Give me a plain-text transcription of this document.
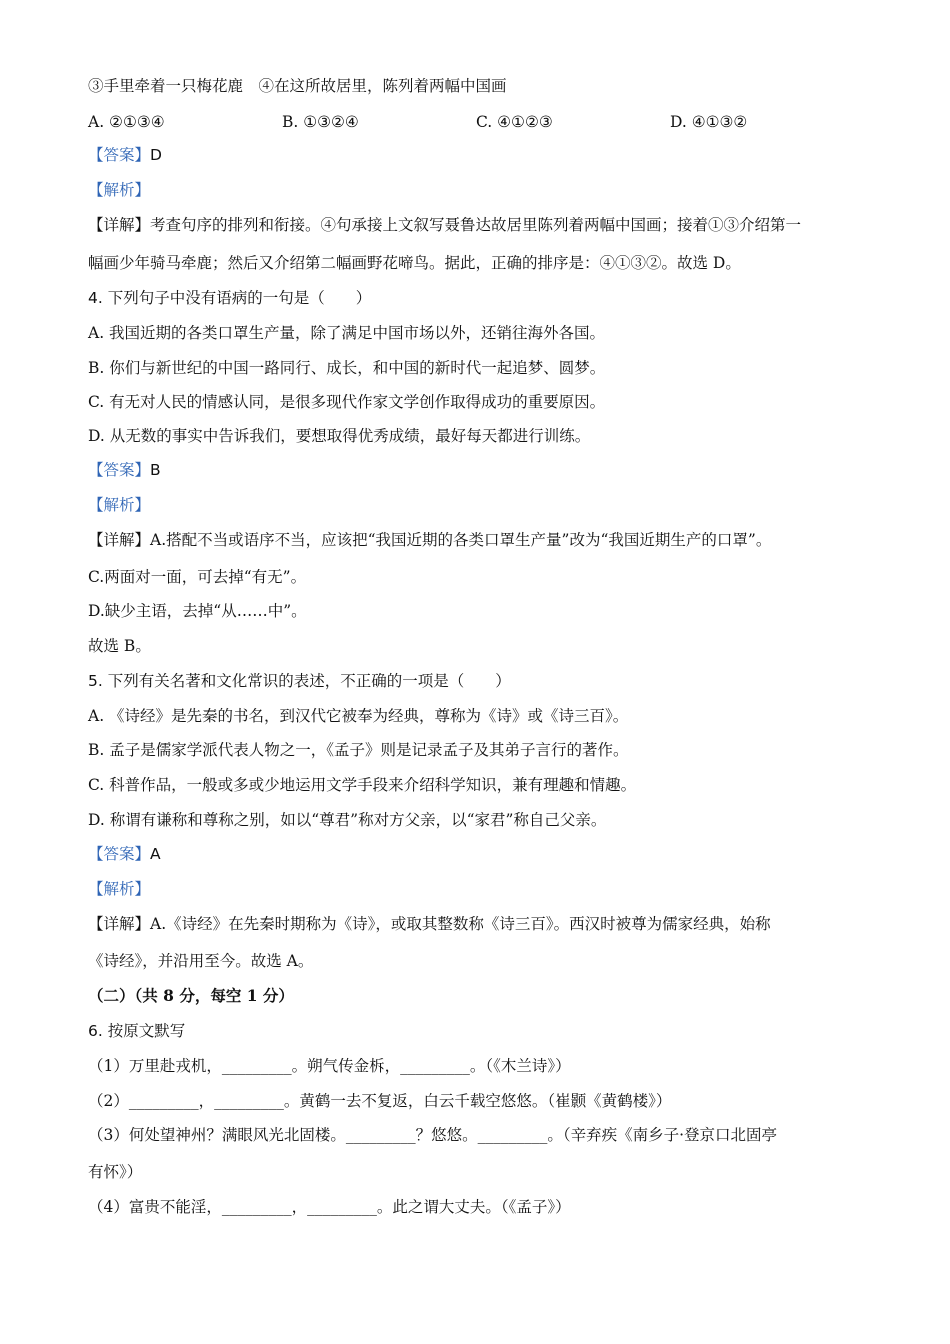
③手里牵着一只梅花鹿　④在这所故居里，陈列着两幅中国画
A. ②①③④	B. ①③②④	C. ④①②③	D. ④①③②
【答案】D
【解析】
【详解】考查句序的排列和衔接。④句承接上文叙写聂鲁达故居里陈列着两幅中国画；接着①③介绍第一
幅画少年骑马牵鹿；然后又介绍第二幅画野花啼鸟。据此，正确的排序是：④①③②。故选 D。
4. 下列句子中没有语病的一句是（　　）
A. 我国近期的各类口罩生产量，除了满足中国市场以外，还销往海外各国。
B. 你们与新世纪的中国一路同行、成长，和中国的新时代一起追梦、圆梦。
C. 有无对人民的情感认同，是很多现代作家文学创作取得成功的重要原因。
D. 从无数的事实中告诉我们，要想取得优秀成绩，最好每天都进行训练。
【答案】B
【解析】
【详解】A.搭配不当或语序不当，应该把“我国近期的各类口罩生产量”改为“我国近期生产的口罩”。
C.两面对一面，可去掉“有无”。
D.缺少主语，去掉“从……中”。
故选 B。
5. 下列有关名著和文化常识的表述，不正确的一项是（　　）
A. 《诗经》是先秦的书名，到汉代它被奉为经典，尊称为《诗》或《诗三百》。
B. 孟子是儒家学派代表人物之一，《孟子》则是记录孟子及其弟子言行的著作。
C. 科普作品，一般或多或少地运用文学手段来介绍科学知识，兼有理趣和情趣。
D. 称谓有谦称和尊称之别，如以“尊君”称对方父亲，以“家君”称自己父亲。
【答案】A
【解析】
【详解】A.《诗经》在先秦时期称为《诗》，或取其整数称《诗三百》。西汉时被尊为儒家经典，始称
《诗经》，并沿用至今。故选 A。
（二）（共 8 分，每空 1 分）
6. 按原文默写
（1）万里赴戎机，_________。朔气传金柝，_________。（《木兰诗》）
（2）_________，_________。黄鹤一去不复返，白云千载空悠悠。（崔颢《黄鹤楼》）
（3）何处望神州？满眼风光北固楼。_________？悠悠。_________。（辛弃疾《南乡子·登京口北固亭
有怀》）
（4）富贵不能淫，_________，_________。此之谓大丈夫。（《孟子》）
